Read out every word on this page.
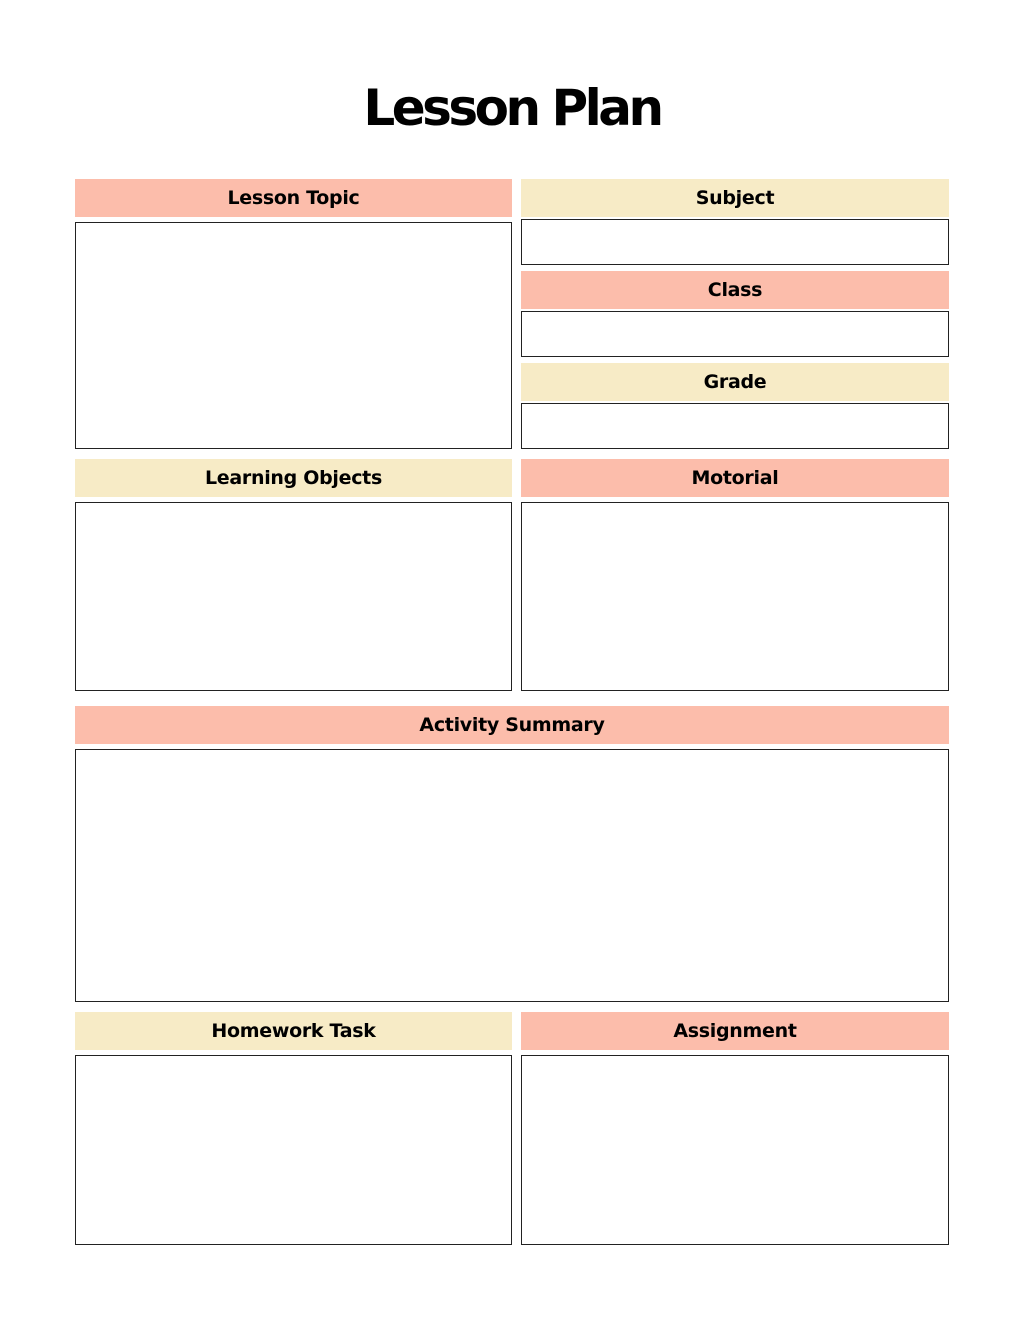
Lesson Plan
Lesson Topic	Subject
Class
Grade
Learning Objects	Motorial
Activity Summary
Homework Task	Assignment
